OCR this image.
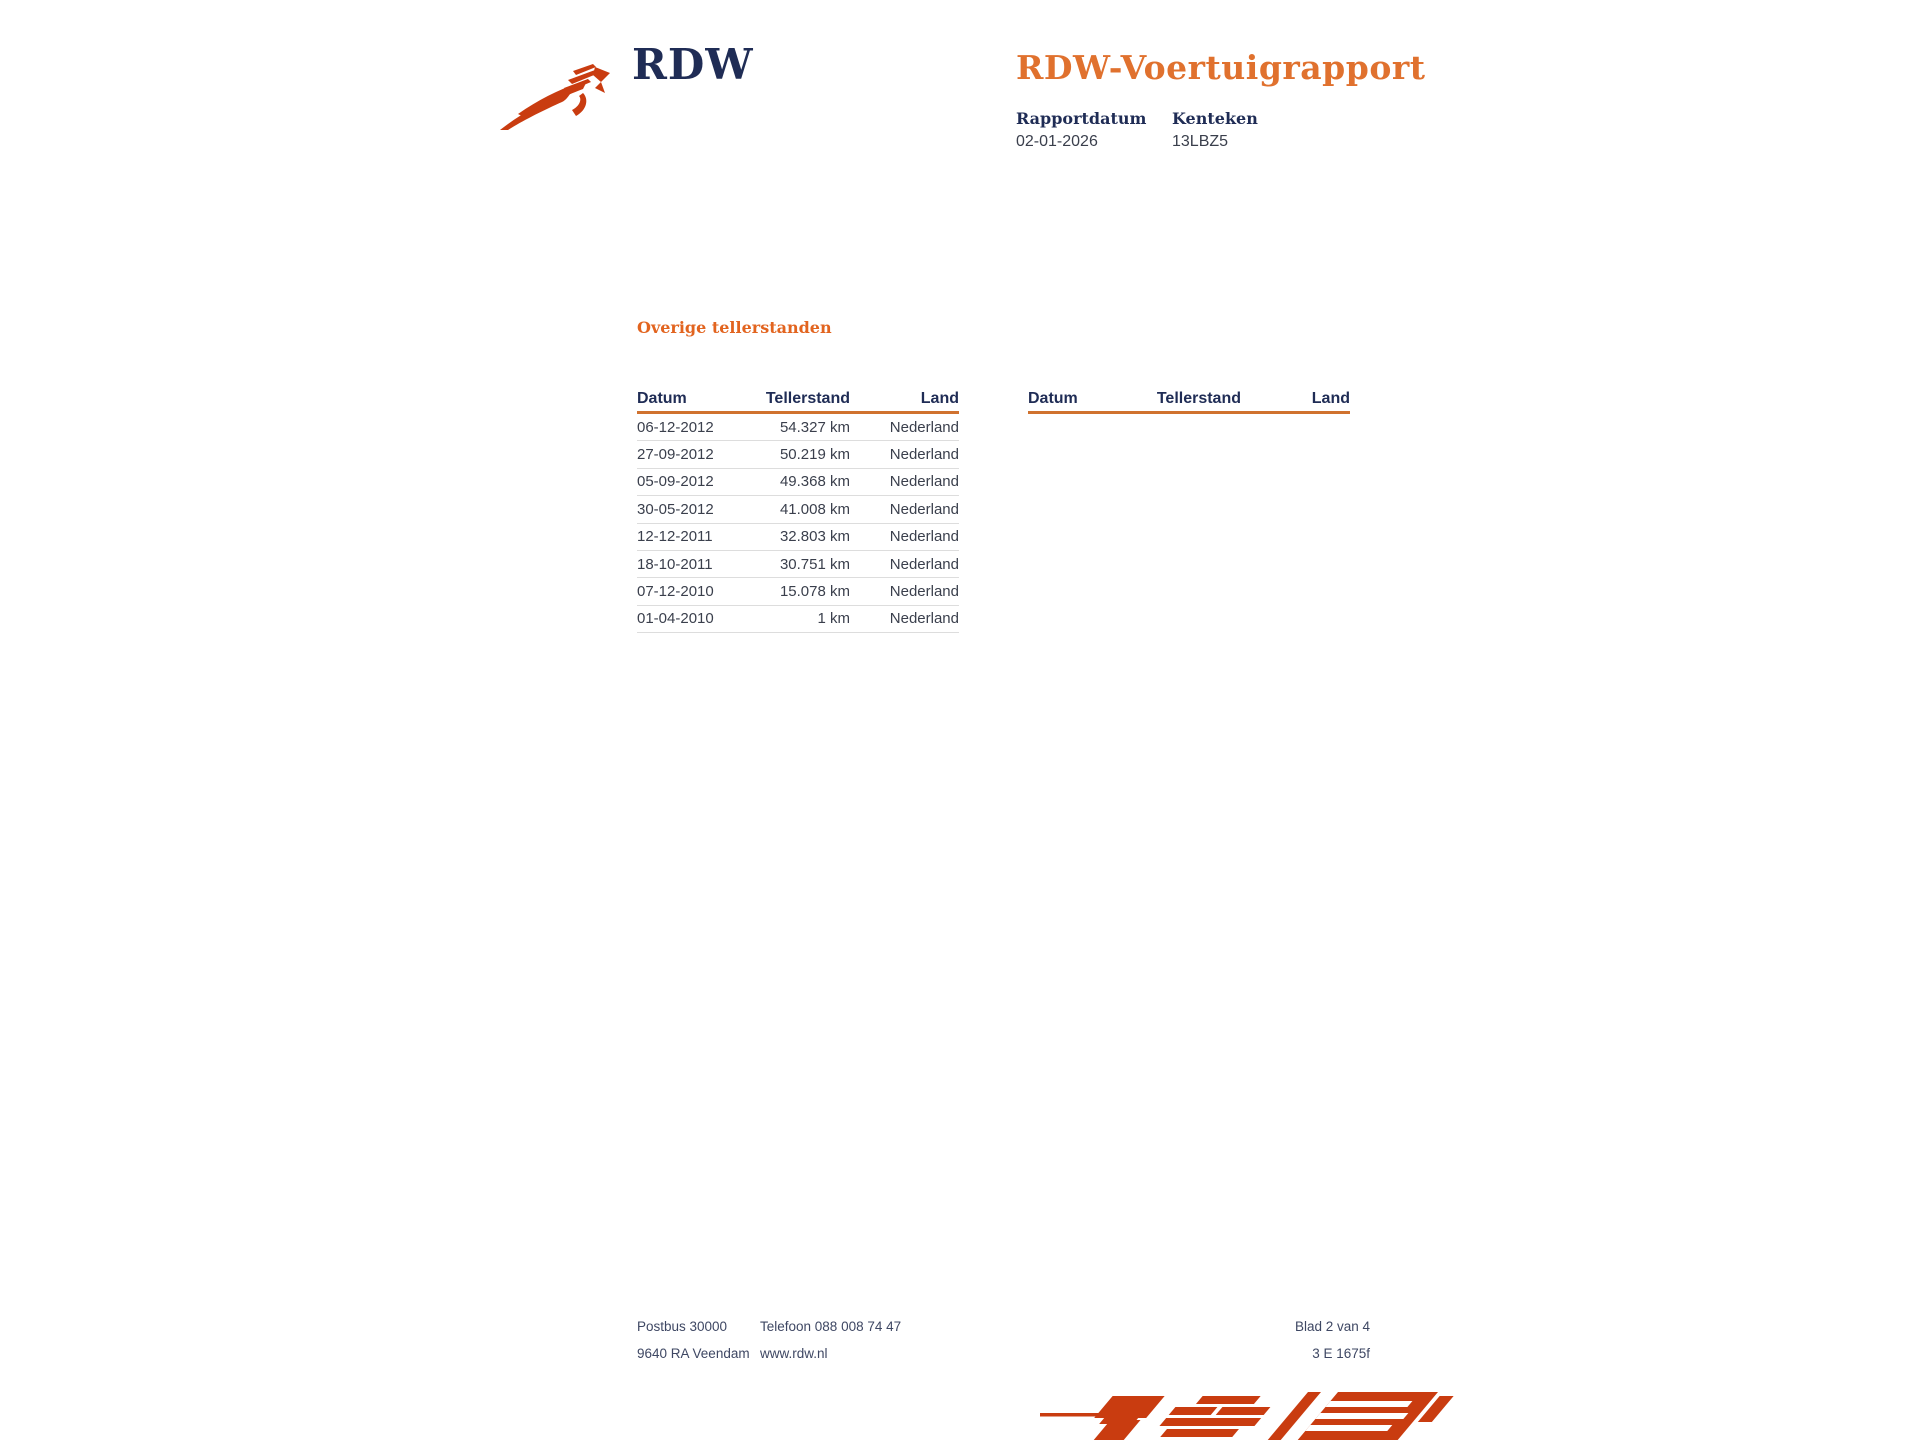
RDW	RDW-Voertuigrapport
Rapportdatum Kenteken
02-01-2026	13LBZ5
Overige tellerstanden
Datum	Tellerstand	Land
06-12-2012	54.327 km	Nederland
27-09-2012	50.219 km	Nederland
05-09-2012	49.368 km	Nederland
30-05-2012	41.008 km	Nederland
12-12-2011	32.803 km	Nederland
18-10-2011	30.751 km	Nederland
07-12-2010	15.078 km	Nederland
01-04-2010	1 km	Nederland
Datum	Tellerstand	Land
Postbus 30000
9640 RA Veendam
Telefoon 088 008 74 47
www.rdw.nl
Blad 2 van 4
3 E 1675f
